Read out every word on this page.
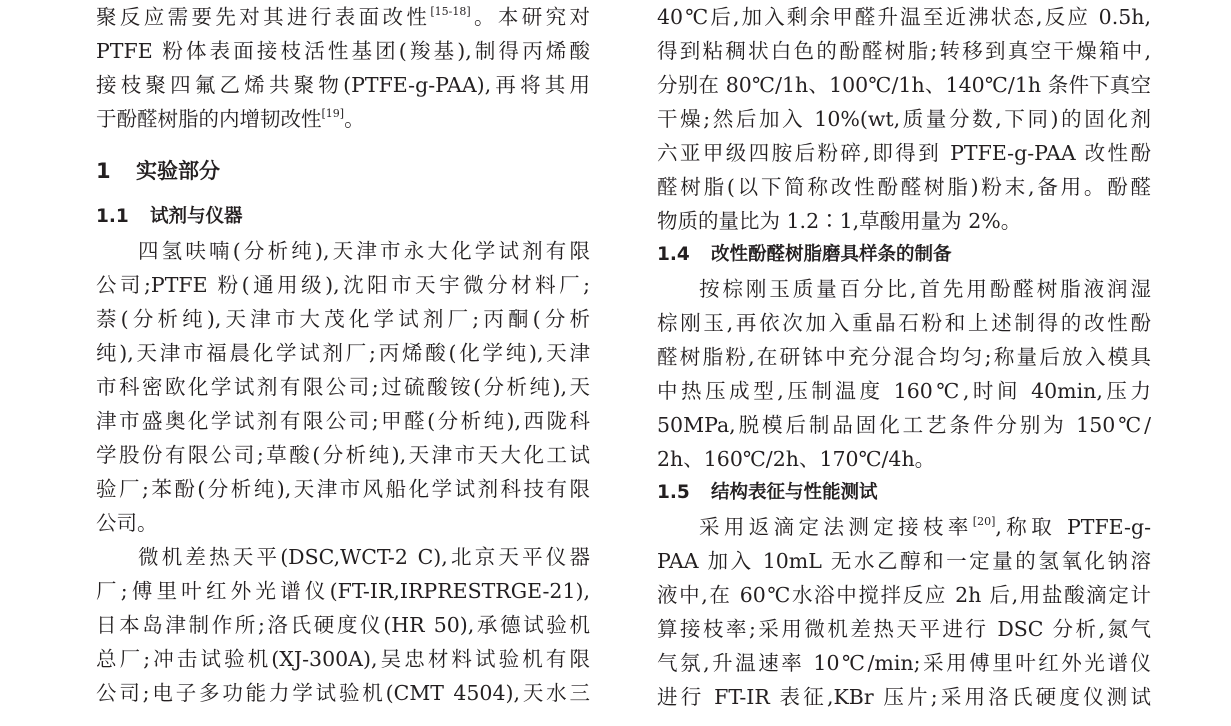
聚反应需要先对其进行表面改性[15-18]。本研究对
PTFE 粉体表面接枝活性基团(羧基),制得丙烯酸
接枝聚四氟乙烯共聚物(PTFE-g-PAA),再将其用
于酚醛树脂的内增韧改性[19]。
1 实验部分
1.1 试剂与仪器
四氢呋喃(分析纯),天津市永大化学试剂有限
公司;PTFE 粉(通用级),沈阳市天宇微分材料厂;
萘(分析纯),天津市大茂化学试剂厂;丙酮(分析
纯),天津市福晨化学试剂厂;丙烯酸(化学纯),天津
市科密欧化学试剂有限公司;过硫酸铵(分析纯),天
津市盛奥化学试剂有限公司;甲醛(分析纯),西陇科
学股份有限公司;草酸(分析纯),天津市天大化工试
验厂;苯酚(分析纯),天津市风船化学试剂科技有限
公司。
微机差热天平(DSC,WCT-2 C),北京天平仪器
厂;傅里叶红外光谱仪(FT-IR,IRPRESTRGE-21),
日本岛津制作所;洛氏硬度仪(HR 50),承德试验机
总厂;冲击试验机(XJ-300A),吴忠材料试验机有限
公司;电子多功能力学试验机(CMT 4504),天水三
40℃后,加入剩余甲醛升温至近沸状态,反应 0.5h,
得到粘稠状白色的酚醛树脂;转移到真空干燥箱中,
分别在 80℃/1h、100℃/1h、140℃/1h 条件下真空
干燥;然后加入 10%(wt,质量分数,下同)的固化剂
六亚甲级四胺后粉碎,即得到 PTFE-g-PAA 改性酚
醛树脂(以下简称改性酚醛树脂)粉末,备用。酚醛
物质的量比为 1.2∶1,草酸用量为 2%。
1.4 改性酚醛树脂磨具样条的制备
按棕刚玉质量百分比,首先用酚醛树脂液润湿
棕刚玉,再依次加入重晶石粉和上述制得的改性酚
醛树脂粉,在研钵中充分混合均匀;称量后放入模具
中热压成型,压制温度 160℃,时间 40min,压力
50MPa,脱模后制品固化工艺条件分别为 150℃/
2h、160℃/2h、170℃/4h。
1.5 结构表征与性能测试
采用返滴定法测定接枝率[20],称取 PTFE-g-
PAA 加入 10mL 无水乙醇和一定量的氢氧化钠溶
液中,在 60℃水浴中搅拌反应 2h 后,用盐酸滴定计
算接枝率;采用微机差热天平进行 DSC 分析,氮气
气氛,升温速率 10℃/min;采用傅里叶红外光谱仪
进行 FT-IR 表征,KBr 压片;采用洛氏硬度仪测试
